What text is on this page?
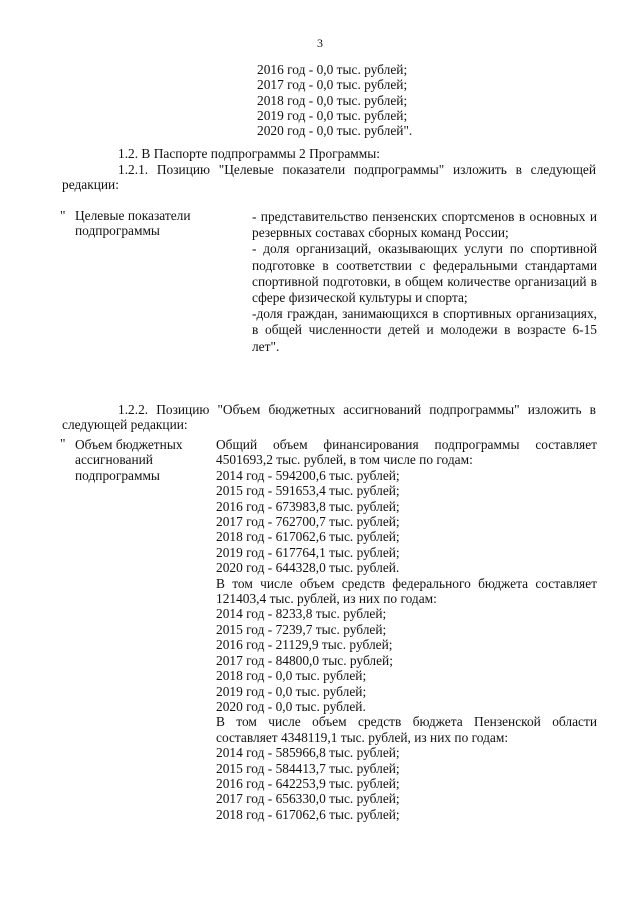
3
2016 год - 0,0 тыс. рублей;
2017 год - 0,0 тыс. рублей;
2018 год - 0,0 тыс. рублей;
2019 год - 0,0 тыс. рублей;
2020 год - 0,0 тыс. рублей".
1.2. В Паспорте подпрограммы 2 Программы:
1.2.1. Позицию "Целевые показатели подпрограммы" изложить в следующей редакции:
" Целевые показатели
подпрограммы
- представительство пензенских спортсменов в основных и резервных составах сборных команд России;
- доля организаций, оказывающих услуги по спортивной подготовке в соответствии с федеральными стандартами спортивной подготовки, в общем количестве организаций в сфере физической культуры и спорта;
-доля граждан, занимающихся в спортивных организациях, в общей численности детей и молодежи в возрасте 6-15 лет".
1.2.2. Позицию "Объем бюджетных ассигнований подпрограммы" изложить в следующей редакции:
" Объем бюджетных
ассигнований
подпрограммы
Общий объем финансирования подпрограммы составляет 4501693,2 тыс. рублей, в том числе по годам:
2014 год - 594200,6 тыс. рублей;
2015 год - 591653,4 тыс. рублей;
2016 год - 673983,8 тыс. рублей;
2017 год - 762700,7 тыс. рублей;
2018 год - 617062,6 тыс. рублей;
2019 год - 617764,1 тыс. рублей;
2020 год - 644328,0 тыс. рублей.
В том числе объем средств федерального бюджета составляет 121403,4 тыс. рублей, из них по годам:
2014 год - 8233,8 тыс. рублей;
2015 год - 7239,7 тыс. рублей;
2016 год - 21129,9 тыс. рублей;
2017 год - 84800,0 тыс. рублей;
2018 год - 0,0 тыс. рублей;
2019 год - 0,0 тыс. рублей;
2020 год - 0,0 тыс. рублей.
В том числе объем средств бюджета Пензенской области составляет 4348119,1 тыс. рублей, из них по годам:
2014 год - 585966,8 тыс. рублей;
2015 год - 584413,7 тыс. рублей;
2016 год - 642253,9 тыс. рублей;
2017 год - 656330,0 тыс. рублей;
2018 год - 617062,6 тыс. рублей;
